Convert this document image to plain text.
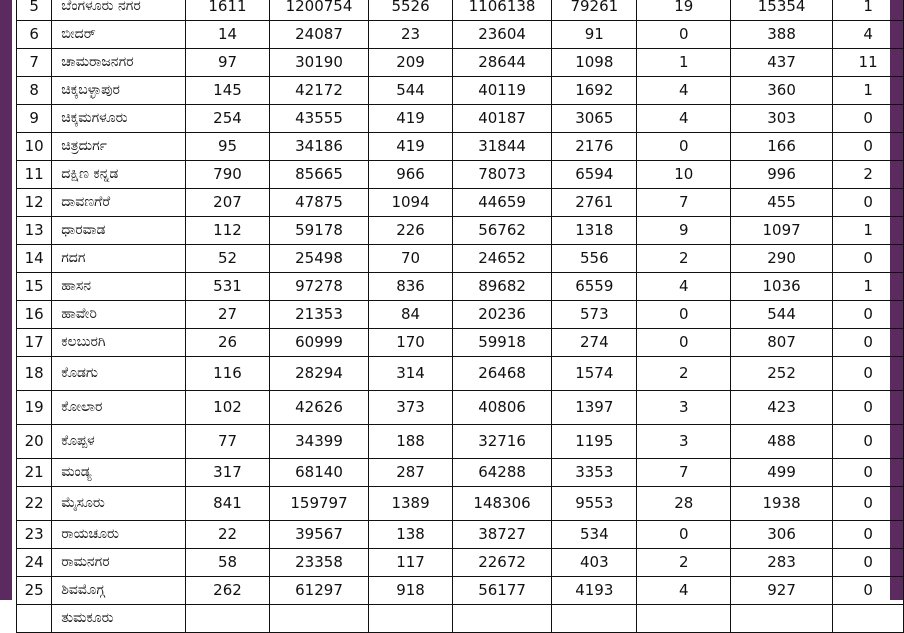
5	ಬೆಂಗಳೂರು ನಗರ	1611	1200754	5526	1106138	79261	19	15354	1
6	ಬೀದರ್	14	24087	23	23604	91	0	388	4
7	ಚಾಮರಾಜನಗರ	97	30190	209	28644	1098	1	437	11
8	ಚಿಕ್ಕಬಳ್ಳಾಪುರ	145	42172	544	40119	1692	4	360	1
9	ಚಿಕ್ಕಮಗಳೂರು	254	43555	419	40187	3065	4	303	0
10	ಚಿತ್ರದುರ್ಗ	95	34186	419	31844	2176	0	166	0
11	ದಕ್ಷಿಣ ಕನ್ನಡ	790	85665	966	78073	6594	10	996	2
12	ದಾವಣಗೆರೆ	207	47875	1094	44659	2761	7	455	0
13	ಧಾರವಾಡ	112	59178	226	56762	1318	9	1097	1
14	ಗದಗ	52	25498	70	24652	556	2	290	0
15	ಹಾಸನ	531	97278	836	89682	6559	4	1036	1
16	ಹಾವೇರಿ	27	21353	84	20236	573	0	544	0
17	ಕಲಬುರಗಿ	26	60999	170	59918	274	0	807	0
18	ಕೊಡಗು	116	28294	314	26468	1574	2	252	0
19	ಕೋಲಾರ	102	42626	373	40806	1397	3	423	0
20	ಕೊಪ್ಪಳ	77	34399	188	32716	1195	3	488	0
21	ಮಂಡ್ಯ	317	68140	287	64288	3353	7	499	0
22	ಮೈಸೂರು	841	159797	1389	148306	9553	28	1938	0
23	ರಾಯಚೂರು	22	39567	138	38727	534	0	306	0
24	ರಾಮನಗರ	58	23358	117	22672	403	2	283	0
25	ಶಿವಮೊಗ್ಗ	262	61297	918	56177	4193	4	927	0
	ತುಮಕೂರು								
